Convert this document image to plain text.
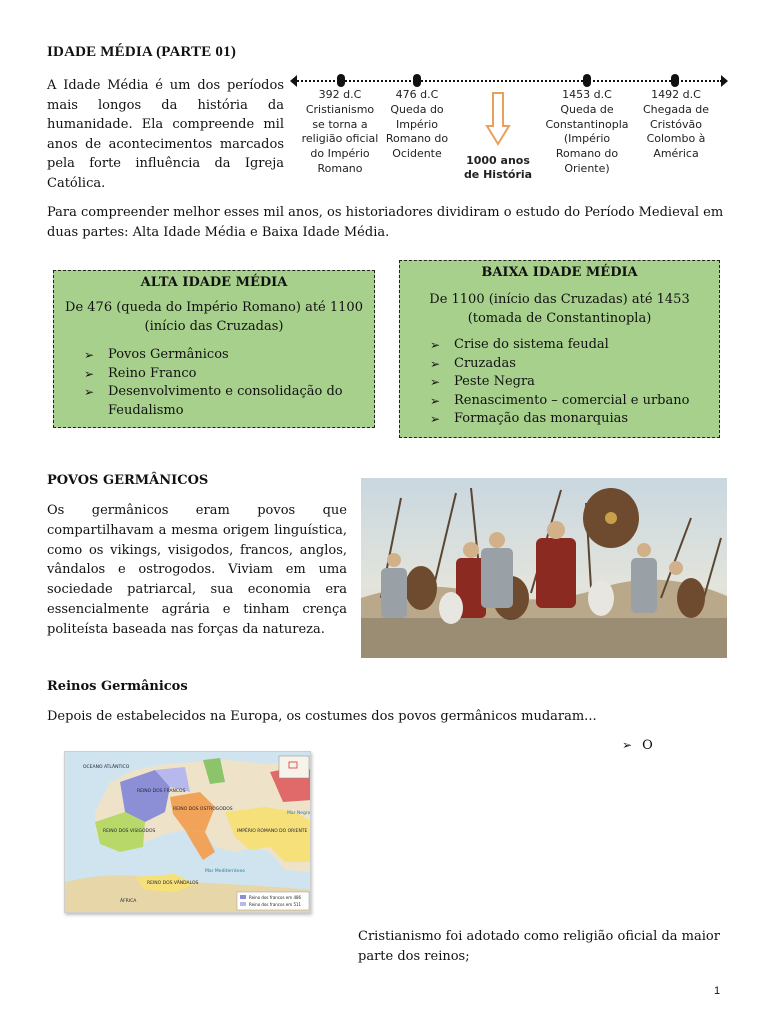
IDADE MÉDIA (PARTE 01)

A Idade Média é um dos períodos mais longos da história da humanidade. Ela compreende mil anos de acontecimentos marcados pela forte influência da Igreja Católica.

392 d.C
Cristianismo se torna a religião oficial do Império Romano
476 d.C
Queda do Império Romano do Ocidente
1000 anos de História
1453 d.C
Queda de Constantinopla (Império Romano do Oriente)
1492 d.C
Chegada de Cristóvão Colombo à América

Para compreender melhor esses mil anos, os historiadores dividiram o estudo do Período Medieval em duas partes: Alta Idade Média e Baixa Idade Média.

ALTA IDADE MÉDIA
De 476 (queda do Império Romano) até 1100 (início das Cruzadas)
➢ Povos Germânicos
➢ Reino Franco
➢ Desenvolvimento e consolidação do Feudalismo
BAIXA IDADE MÉDIA
De 1100 (início das Cruzadas) até 1453 (tomada de Constantinopla)
➢ Crise do sistema feudal
➢ Cruzadas
➢ Peste Negra
➢ Renascimento – comercial e urbano
➢ Formação das monarquias
POVOS GERMÂNICOS

Os germânicos eram povos que compartilhavam a mesma origem linguística, como os vikings, visigodos, francos, anglos, vândalos e ostrogodos. Viviam em uma sociedade patriarcal, sua economia era essencialmente agrária e tinham crença politeísta baseada nas forças da natureza.

Reinos Germânicos

Depois de estabelecidos na Europa, os costumes dos povos germânicos mudaram...

➢ O
OCEANO ATLÂNTICO
REINO DOS FRANCOS
REINO DOS VISIGODOS
REINO DOS OSTROGODOS
REINO DOS VÂNDALOS
IMPÉRIO ROMANO DO ORIENTE
ÁFRICA
Mar Mediterrâneo
Mar Negro
Reino dos francos em 486
Reino dos francos em 511

Cristianismo foi adotado como religião oficial da maior parte dos reinos;

1
